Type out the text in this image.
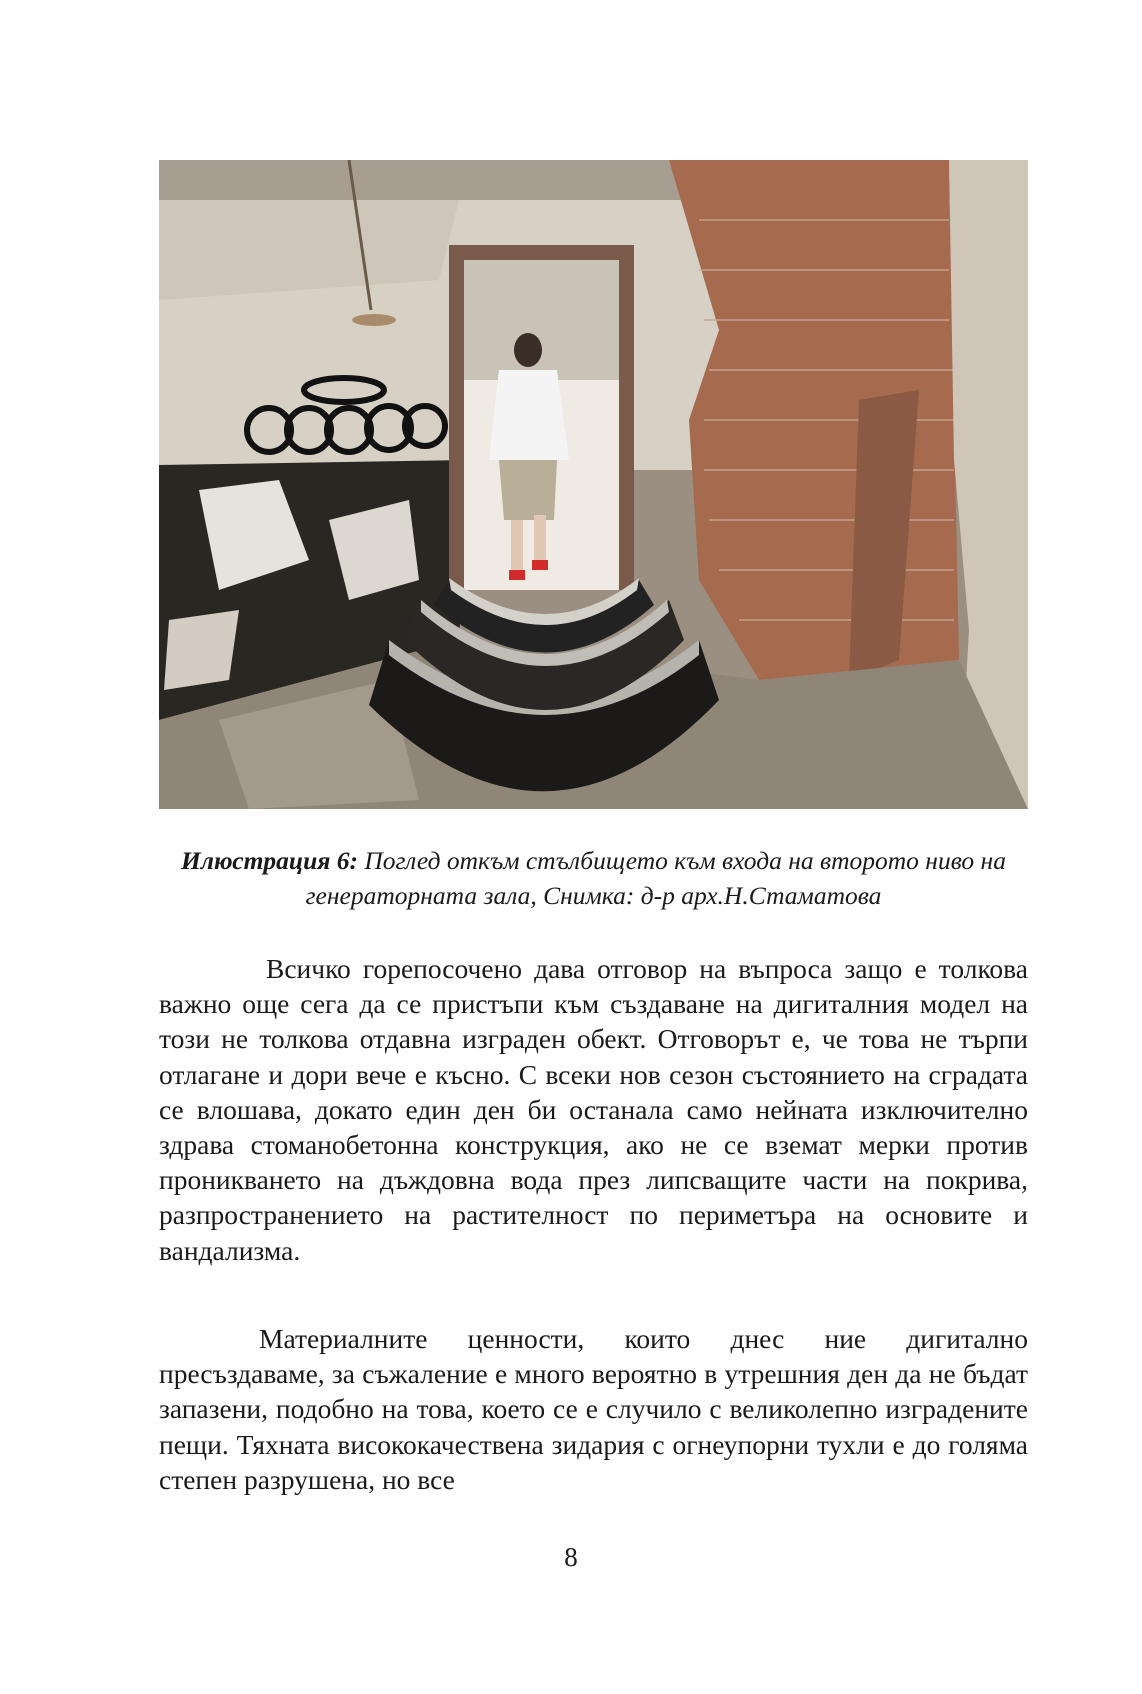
Илюстрация 6: Поглед откъм стълбището към входа на второто ниво на генераторната зала, Снимка: д-р арх.Н.Стаматова

Всичко горепосочено дава отговор на въпроса защо е толкова важно още сега да се пристъпи към създаване на дигиталния модел на този не толкова отдавна изграден обект. Отговорът е, че това не търпи отлагане и дори вече е късно. С всеки нов сезон състоянието на сградата се влошава, докато един ден би останала само нейната изключително здрава стоманобетонна конструкция, ако не се вземат мерки против проникването на дъждовна вода през липсващите части на покрива, разпространението на растителност по периметъра на основите и вандализма.

Материалните ценности, които днес ние дигитално пресъздаваме, за съжаление е много вероятно в утрешния ден да не бъдат запазени, подобно на това, което се е случило с великолепно изградените пещи. Тяхната висококачествена зидария с огнеупорни тухли е до голяма степен разрушена, но все

8
